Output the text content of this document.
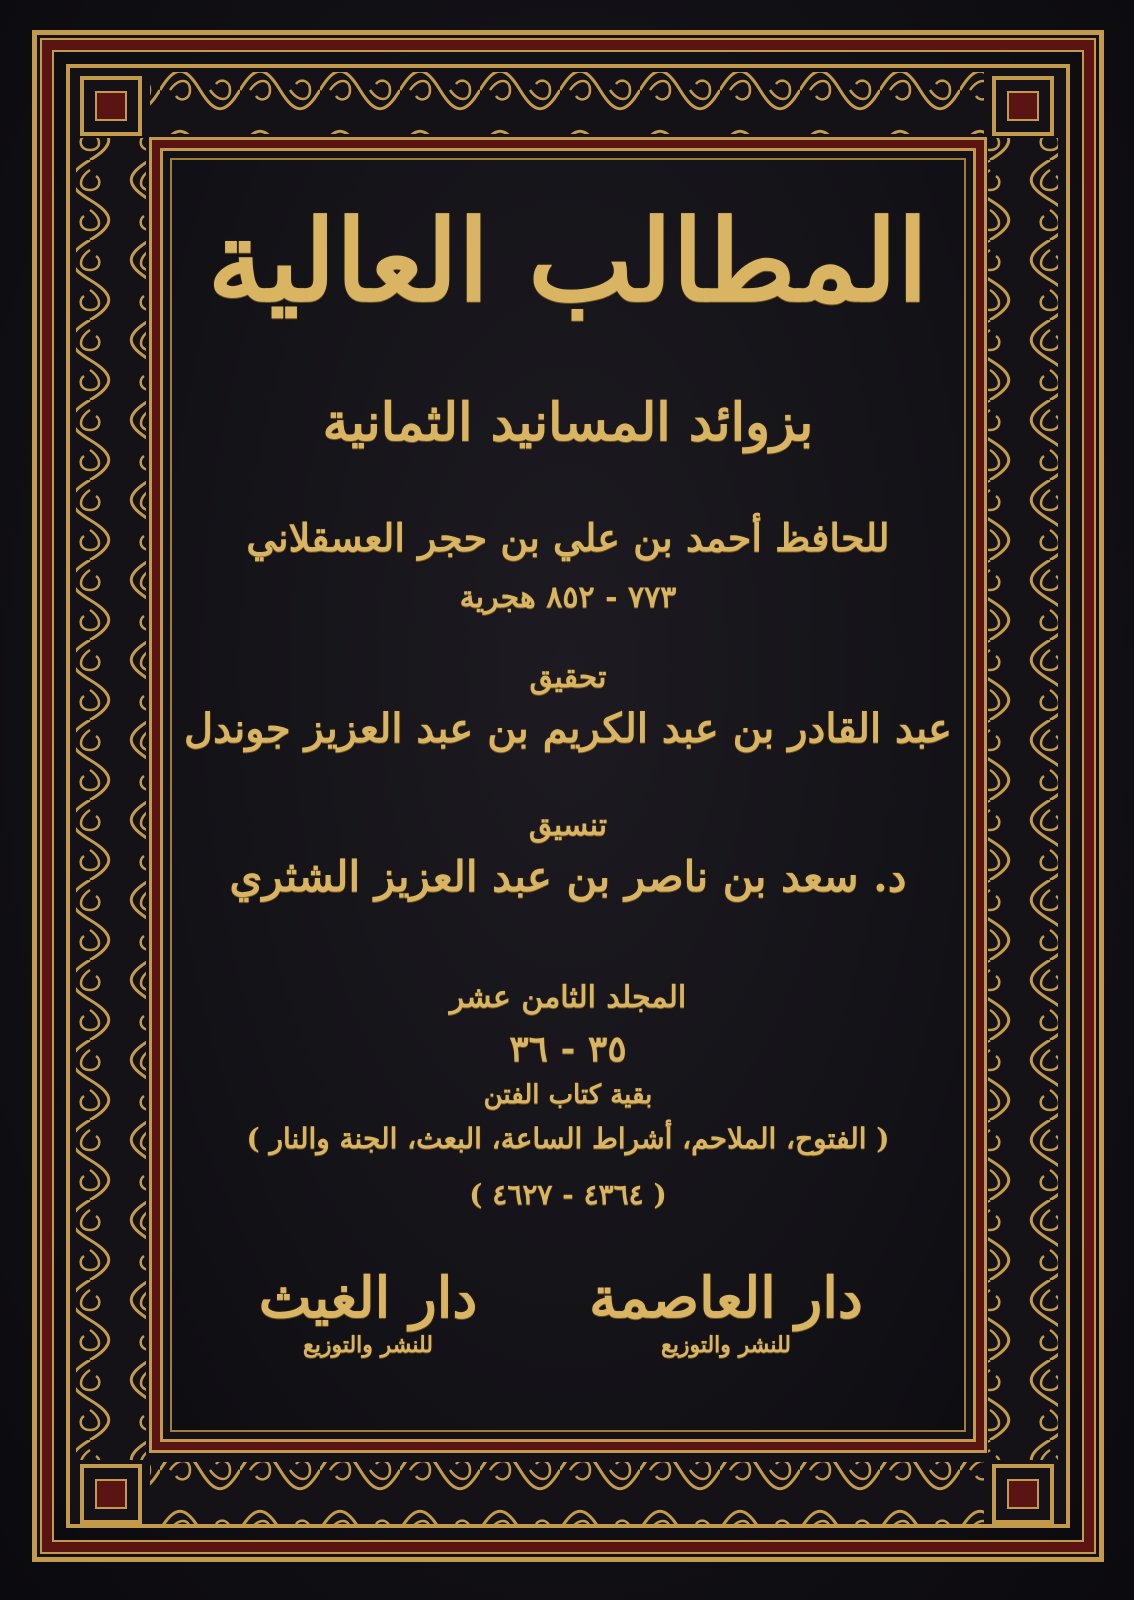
المطالب العالية
بزوائد المسانيد الثمانية
للحافظ أحمد بن علي بن حجر العسقلاني
٧٧٣ - ٨٥٢ هجرية
تحقيق
عبد القادر بن عبد الكريم بن عبد العزيز جوندل
تنسيق
د. سعد بن ناصر بن عبد العزيز الشثري
المجلد الثامن عشر
٣٥ - ٣٦
بقية كتاب الفتن
( الفتوح، الملاحم، أشراط الساعة، البعث، الجنة والنار )
( ٤٣٦٤ - ٤٦٢٧ )
دار العاصمة
للنشر والتوزيع
دار الغيث
للنشر والتوزيع
